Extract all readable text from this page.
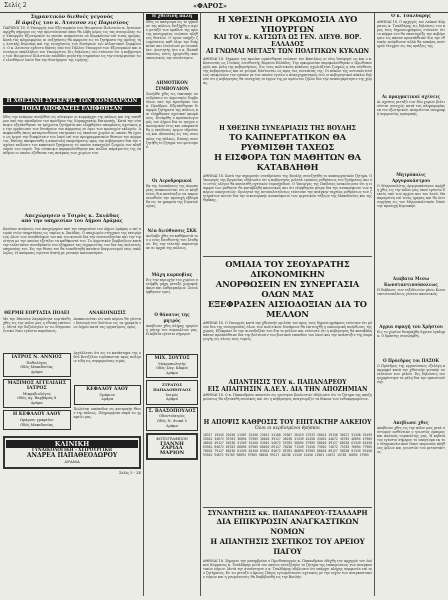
Σελίς 2	«ΦΑΡΟΣ»
Σημαντικόν διεθνές γεγονός
Η άφιξις του κ. Άτσεσον εις Παρισίους
ΠΑΡΙΣΙΟΙ 18. Ο Υπουργός των Εξωτερικών των Ηνωμένων Πολιτειών κ. Άτσεσον αφίχθη σήμερον εις την πρωτεύουσαν όπου θα λάβη μέρος εις τας συνομιλίας των Υπουργών Εξωτερικών αι οποίαι αναμένεται να διαρκέσουν επί τινας ημέρας. Κατά τας πληροφορίας αι συζητήσεις θα αφορούν εις τα ζητήματα της αμύνης της Δυτικής Ευρώπης και της ενισχύσεως των δυνάμεων του Ατλαντικού Συμφώνου. Ο κ. Άτσεσον εγένετο δεκτός υπό του Γάλλου Υπουργού των Εξωτερικών και ανωτέρων υπαλλήλων του Υπουργείου. Εις δηλώσεις του ετόνισεν ότι η κυβέρνησις των Ηνωμένων Πολιτειών αποδίδει μεγίστην σημασίαν εις την συνεργασίαν των ελευθέρων λαών δια την διατήρησιν της ειρήνης.
Η ΧΘΕΣΙΝΗ ΣΥΣΚΕΨΙΣ ΤΩΝ ΚΟΜΜΑΡΧΩΝ
ΠΟΙΑΙ ΑΠΟΦΑΣΕΙΣ ΕΛΗΦΘΗΣΑΝ
Χθες την εσπέραν συνήλθον εις σύσκεψιν οι κομμάρχαι της πόλεως και της υπαίθρου υπό την προεδρίαν του προέδρου της Νομαρχιακής Επιτροπής. Κατά την σύσκεψιν εξητάσθησαν τα τρέχοντα ζητήματα και ελήφθησαν αποφάσεις σχετικώς με την οργάνωσιν των δυνάμεων του κόμματος εν όψει των προσεχών εκλογών. Απεφασίσθη όπως καταρτισθώσιν επιτροπαί εις έκαστον χωρίον αι οποίαι θα έχουν ως έργον την διαφώτισιν του λαού επί των προγραμματικών θέσεων του κόμματος. Επίσης απεφασίσθη η αποστολή υπομνήματος προς την κυβέρνησιν δια την ταχείαν επίλυσιν του καπνικού ζητήματος το οποίον απασχολεί ζωηρώς τον πληθυσμόν του νομού. Την σύσκεψιν παρηκολούθησαν και πολλοί παράγοντες της υπαίθρου οι οποίοι εξέθεσαν τας ανάγκας των χωρίων των.
Απεχώρησεν ο Τσιρός κ. Σκιάδας
από την υπηρεσίαν του Δήμου Δράμας
Κατόπιν αιτήσεώς του απεχώρησεν από την υπηρεσίαν του Δήμου Δράμας ο επί σειράν ετών υπηρετήσας ως ταμίας κ. Σκιάδας. Ο αποχωρών ετύγχανε της εκτιμήσεως όλων των συναδέλφων του και του κοινού δια την ευσυνειδησίαν και την τιμιότητα με την οποίαν εξετέλει τα καθήκοντά του. Το Δημοτικόν Συμβούλιον κατά την τελευταίαν συνεδρίασίν του εξέφρασε τας ευχαριστίας του δια τας πολυετείς υπηρεσίας του. Εις την θέσιν του θα τοποθετηθή κατόπιν διαγωνισμού νέος υπάλληλος. Η απόφασις εγένετο δεκτή με γενικήν ικανοποίησιν.
ΘΕΡΜΗ ΕΟΡΤΑΣΙΑ ΠΟΛΕΙ
Με την δέουσαν λαμπρότητα εωρτάσθη χθες εις την πόλιν μας η εθνική επέτειος. Μετά την δοξολογίαν εν τω Μητροπολιτικώ Ναώ εγένετο παρέλασις.
ΑΝΑΚΟΙΝΩΣΙΣ
Ανακοινούται ότι από αύριον θα γίνεται διανομή των δελτίων εις τα γραφεία του Δήμου κατά τας εργασίμους ώρας.
ΙΑΤΡΟΣ Ν. ΑΝΝΙΟΣ
Παθολόγος
Οδός Μακεδονίας
Δράμα
ΜΑΞΙΜΟΣ ΑΓΓΕΛΙΔΗΣ ΙΑΤΡΟΣ
Μικροβιολόγος
Οδός Αγ. Βαρβάρας 8
Δράμα
Η ΚΕΦΑΛΟΥ ΛΑΟΥ
Ωράριον γραφείου
Οδός Μακεδονίας
Αγγέλλεται ότι εις το κατάστημα της οδού Βενιζέλου ευρίσκονται προς πώλησιν είδη εις συμφερούσας τιμάς.
ΚΕΦΑΛΟΥ ΛΑΟΥ
Ωράριον
Δράμα
Πωλείται οικόπεδον εις κεντρικήν θέσιν της πόλεως. Πληροφορίαι παρά τω γραφείω μας.
ΚΛΙΝΙΚΗ
ΓΥΝΑΙΚΟΛΟΓΙΚΗ - ΧΕΙΡΟΥΡΓΙΚΗ
ΑΝΔΡΕΑ ΠΑΠΑΘΕΟΔΩΡΟΥ
ΔΡΑΜΑ
Σελίς 5 - 2Ε
Η χθεσινή πάλη
Χθες το απόγευμα εις το γήπεδον της πόλεως διεξήχθη ο αγών μεταξύ των ομάδων της πρώτης κατηγορίας ενώπιον πλήθους θεατών. Ο αγών υπήρξε ζωηρότατος καθ όλην την διάρκειαν και ετελείωσε με ισοπαλίαν. Διαιτητής ήτο ο κ. Παπαδόπουλος όστις εχειρίσθη ικανοποιητικώς την συνάντησιν.
ΔΗΜΟΤΙΚΟΝ ΣΥΜΒΟΥΛΙΟΝ
Συνήλθε χθες εις τακτικήν συνεδρίασιν το Δημοτικόν Συμβούλιον υπό την προεδρίαν του κ. Προέδρου. Εξητάσθησαν διάφορα ζητήματα της πόλεως και ελήφθησαν σχετικαί αποφάσεις. Ενεκρίθη ο προϋπολογισμός του Δήμου δια το τρέχον οικονομικόν έτος και απεφασίσθη η εκτέλεσις έργων υδρεύσεως και οδοποιίας εις τας συνοικίας της πόλεως. Επίσης συνεζητήθη το ζήτημα του φωτισμού.
Οι Αεροδρομικοί
Εκ της Διοικήσεως της Αεροπορίας ανακοινούται ότι οι κληθέντες δια κατάταξιν να παρουσιασθούν την προσεχή εβδομάδα εις τα γραφεία της Στρατολογίας.
Νέα διεύθυνσις ΣΚΚ
Ανέλαβε χθες τα καθήκοντά του ο νέος διευθυντής του Σταθμού. Εις την τελετήν παρέστησαν αι αρχαί της πόλεως.
Μάχη καρποβίας
Εις την περιοχήν του χωρίου συνήφθη μάχη μεταξύ χωροφυλάκων και λαθρεμπόρων. Συνελήφθησαν τρεις.
Ο θάνατος της μητρός
Απεβίωσε χθες πλήρης ημερών η μήτηρ του συμπολίτου μας. Η κηδεία εγένετο σήμερον.
ΜΙΧ. ΣΟΥΤΟΣ
Μικροπωλητής
Οδός Σαγ. Κάφου
Δράμα
ΣΤΡΑΤΟΣ ΠΑΠΑΔΟΠΟΥΛΟΣ
Ιατρός
Δράμα
Σ. ΒΛΑΣΟΠΟΥΛΟΣ
Οδοντοϊατρός
Οδός Ν. Φωκά 5
Δράμα
ΦΩΤΟΓΡΑΦΕΙΟΝ
ΓΙΑΝΝΗ ΖΑΡΙΔΑ
ΜΑΡΙΟΝ
Η ΧΘΕΣΙΝΗ ΟΡΚΩΜΟΣΙΑ ΔΥΟ ΥΠΟΥΡΓΩΝ
ΚΑΙ ΤΟΥ κ. ΚΑΤΣΩΤΑ ΩΣ ΓΕΝ. ΔΙΕΥΘ. ΒΟΡ. ΕΛΛΑΔΟΣ
ΑΙ ΓΝΩΜΑΙ ΜΕΤΑΞΥ ΤΩΝ ΠΟΛΙΤΙΚΩΝ ΚΥΚΛΩΝ
ΑΘΗΝΑΙ 18. Σήμερον την πρωίαν ωρκίσθησαν ενώπιον του Βασιλέως οι νέοι Υπουργοί ως και ο κ. Κατσωτάς ως Γενικός Διευθυντής Βορείου Ελλάδος. Την ορκωμοσίαν παρηκολούθησαν ο Πρωθυπουργός και μέλη της κυβερνήσεως. Εις τους πολιτικούς κύκλους σχολιάζεται ζωηρώς η νέα σύνθεσις της κυβερνήσεως και αι γνώμαι διίστανται ως προς τας συνεπείας της. Οι κύκλοι της αντιπολιτεύσεως επικρίνουν τον τρόπον με τον οποίον έγινεν ο ανασχηματισμός ενώ οι κυβερνητικοί κύκλοι δηλούν ότι η κυβέρνησις θα συνεχίση το έργον της με αμείωτον ζήλον δια την ανασυγκρότησιν της χώρας.
Η ΧΘΕΣΙΝΗ ΣΥΝΕΔΡΙΑΣΙΣ ΤΗΣ ΒΟΥΛΗΣ
ΤΟ ΚΑΠΝΕΡΓΑΤΙΚΟΝ ΘΑ ΡΥΘΜΙΣΘΗ ΤΑΧΕΩΣ
Η ΕΙΣΦΟΡΑ ΤΩΝ ΜΑΘΗΤΩΝ ΘΑ ΚΑΤΑΒΛΗΘΗ
ΑΘΗΝΑΙ 18. Κατά την σημερινήν συνεδρίασιν της Βουλής συνεζητήθη το καπνεργατικόν ζήτημα. Ο Υπουργός της Εργασίας εδήλωσεν ότι η κυβέρνησις μελετά τρόπους ρυθμίσεως του ζητήματος και ότι εντός ολίγου θα κατατεθή σχετικόν νομοσχέδιον. Ο Υπουργός της Παιδείας ανεκοίνωσεν ότι η εισφορά των μαθητών θα καταβληθή κανονικώς και ότι ελήφθησαν μέτρα δια την ανακούφισιν των απόρων οικογενειών. Ομιληταί της αντιπολιτεύσεως ετόνισαν την ανάγκην ταχείας ρυθμίσεως των ζητημάτων αυτών δια την οικονομικήν ανακούφισιν των εργατικών τάξεων της Μακεδονίας και της Θράκης.
ΟΜΙΛΙΑ ΤΟΥ ΣΕΟΥΔΡΑΤΗΣ ΔΙΚΟΝΟΜΙΚΗΝ
ΑΝΟΡΘΩΣΕΙΝ ΕΝ ΣΥΝΕΡΓΑΣΙΑ ΟΛΩΝ ΜΑΣ
ΕΞΕΦΡΑΣΕΝ ΑΙΣΙΟΔΟΞΙΑΝ ΔΙΑ ΤΟ ΜΕΛΛΟΝ
ΑΘΗΝΑΙ 18. Ο Υπουργός κατά την χθεσινήν ομιλίαν του προς τους δημοσιογράφους ετόνισεν ότι μόνον δια της συνεργασίας όλων των πολιτικών δυνάμεων θα επιτευχθή η οικονομική ανόρθωσις της χώρας. Εξέφρασε δε την αισιοδοξίαν του δια το μέλλον και ετόνισεν ότι η κυβέρνησις θα καταβάλη πάσαν προσπάθειαν δια την βελτίωσιν του βιοτικού επιπέδου του λαού και την ανάπτυξιν της παραγωγής εις όλους τους τομείς.
ΑΠΑΝΤΗΣΙΣ ΤΟΥ κ. ΠΑΠΑΝΔΡΕΟΥ
ΕΙΣ ΑΠΑΙΤΗΣΙΝ Α.ΔΕ.Υ. ΔΙΑ ΤΗΝ ΑΠΟΖΗΜΙΑΝ
ΑΘΗΝΑΙ 18. Ο κ. Παπανδρέου απαντών εις ερώτησιν βουλευτών εδήλωσεν ότι το ζήτημα της αποζημιώσεως θα εξετασθή ευνοϊκώς και ότι η κυβέρνησις αναγνωρίζει τα δίκαια των ενδιαφερομένων.
Η ΑΠΟΨΙΣ ΚΑΘΡΟΣΙΣ ΤΟΥ ΕΠΙΤΑΚΤΗΡ ΑΛΚΕΙΟΥ
Όλοι οι κερδισμένοι θρήσκοι
18327 19445 20158 21307 22456 23012 24188 25307 26419 27533 28014 29156 30227 31348 32459 33561 34672 35783 36894 37905 38016 39127 40238 41349 42450 43561 44672 45783 46894 47905 48016 49127 50238 51349 52450 53561 54672 55783 56894 57905 58016 59127 60238 61349 62450 63561 64672 65783 66894 67905 68016 69127 70238 71349 72450 73561 74672 75783 76894 77905 78016 79127 80238 81349 82450 83561 84672 85783 86894 87905 88016 89127 90238 91349 92450 93561 94672 95783 96894 97905 98016 99127 10238 11349 12450 13561 14672 15783 16894 17905
ΣΥΝΑΝΤΗΣΙΣ κκ. ΠΑΠΑΝΔΡΕΟΥ-ΤΣΑΛΔΑΡΗ
ΔΙΑ ΕΠΙΚΥΡΩΣΙΝ ΑΝΑΓΚΑΣΤΙΚΩΝ ΝΟΜΩΝ
Η ΑΠΑΝΤΗΣΙΣ ΣΧΕΤΙΚΟΣ ΤΟΥ ΑΡΕΙΟΥ ΠΑΓΟΥ
ΑΘΗΝΑΙ 18. Σήμερον την μεσημβρίαν ο Πρωθυπουργός κ. Παπανδρέου εδέχθη τον αρχηγόν του Λαϊκού Κόμματος κ. Τσαλδάρην μετά του οποίου συνεζήτησε το ζήτημα της επικυρώσεως των αναγκαστικών νόμων. Μετά την συνάντησιν ο κ. Τσαλδάρης εδήλωσεν ότι υπάρχει πλήρης συμφωνία επί του ζητήματος. Εν τω μεταξύ ο Άρειος Πάγος εγνωμάτευσεν σχετικώς με την ισχύν των αναγκαστικών νόμων και η γνωμάτευσις θα διαβιβασθή εις την Βουλήν.
Ο κ. Τσαλδάρης
ΑΘΗΝΑΙ 18. Ο αρχηγός του Λαϊκού Κόμματος κ. Τσαλδάρης εις δηλώσεις του προς τους δημοσιογράφους ετόνισεν ότι το κόμμα του θα υποστηρίξη την κυβέρνησιν εις πάσαν προσπάθειαν δια την εθνικήν ανόρθωσιν αλλά θα ασκήση αυστηρόν έλεγχον εις τας πράξεις της.
Αι πραγματικαί σχέσεις
Αι σχέσεις μεταξύ των δύο χωρών βελτιούνται συνεχώς κατά τας πληροφορίας εκ του εξωτερικού. Αναμένεται υπογραφή συμφωνίας εμπορικής.
Μητρόπολις Αργυροκάστρου
Ο Μητροπολίτης Αργυροκάστρου αφίχθη χθες εις την πόλιν μας όπου εγένετο δεκτός υπό των αρχών και του λαού. Θα παραμείνη επί τινας ημέρας και θα λειτουργήση εις τον Μητροπολιτικόν Ναόν την προσεχή Κυριακήν.
Διαβατα Μεσω Κωνσταντινούπολεως
Η διάβασις των ταξιδιωτών μέσω Κωνσταντινουπόλεως γίνεται κανονικώς.
Αγρια σφαγή του Χρήστου
Εις το χωρίον διεπράχθη άγριον έγκλημα. Ο δράστης συνελήφθη.
Ο Πρόεδρος τοι ΠΑΣΟΚ
Ο Πρόεδρος της οργανώσεως εξελέγη παμψηφεί κατά την χθεσινήν γενικήν συνέλευσιν των μελών. Εις δηλώσεις του ηυχαρίστησε τα μέλη δια την εμπιστοσύνην.
Απεβίωσε χθες
Απεβίωσε χθες εις την πόλιν μας μετά σύντομον ασθένειαν ο γνωστός έμπορος και παλαιός συμπολίτης μας. Η κηδεία του εγένετο σήμερον το απόγευμα εκ του Μητροπολιτικού Ναού παρουσία πλήθους φίλων και γνωστών του μεταστάντος.
